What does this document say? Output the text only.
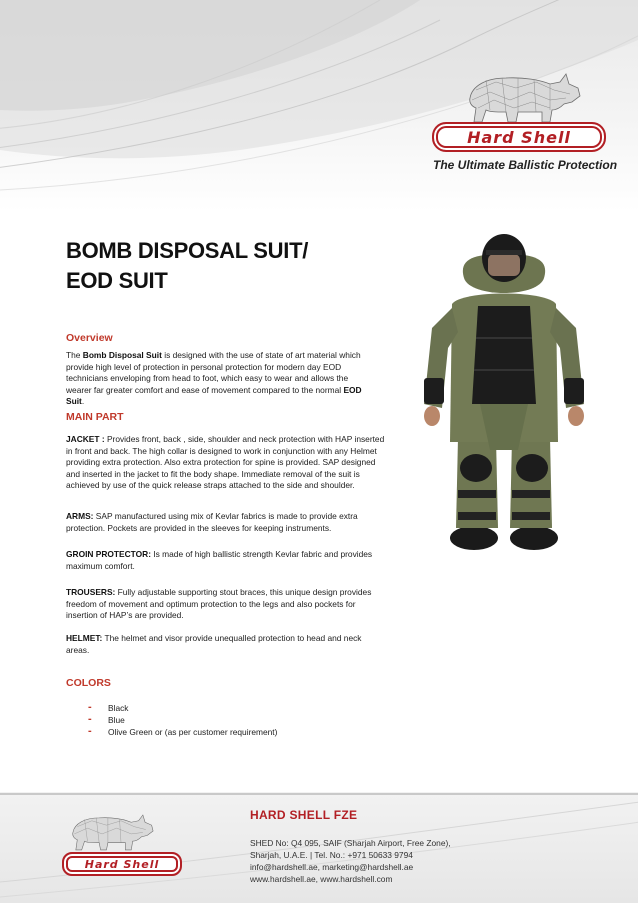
Hard Shell
The Ultimate Ballistic Protection
BOMB DISPOSAL SUIT/
EOD SUIT
Overview

The Bomb Disposal Suit is designed with the use of state of art material which provide high level of protection in personal protection for modern day EOD technicians enveloping from head to foot, which easy to wear and allows the wearer far greater comfort and ease of movement compared to the normal EOD Suit.

MAIN PART

JACKET : Provides front, back , side, shoulder and neck protection with HAP inserted in front and back. The high collar is designed to work in conjunction with any Helmet providing extra protection. Also extra protection for spine is provided. SAP designed and inserted in the jacket to fit the body shape. Immediate removal of the suit is achieved by use of the quick release straps attached to the side and shoulder.

ARMS: SAP manufactured using mix of Kevlar fabrics is made to provide extra protection. Pockets are provided in the sleeves for keeping instruments.

GROIN PROTECTOR: Is made of high ballistic strength Kevlar fabric and provides maximum comfort.

TROUSERS: Fully adjustable supporting stout braces, this unique design provides freedom of movement and optimum protection to the legs and also pockets for insertion of HAP’s are provided.

HELMET: The helmet and visor provide unequalled protection to head and neck areas.

COLORS
- Black
- Blue
- Olive Green or (as per customer requirement)
Hard Shell

HARD SHELL FZE

SHED No: Q4 095, SAIF (Sharjah Airport, Free Zone),

Sharjah, U.A.E. | Tel. No.: +971 50633 9794

info@hardshell.ae, marketing@hardshell.ae

www.hardshell.ae, www.hardshell.com
